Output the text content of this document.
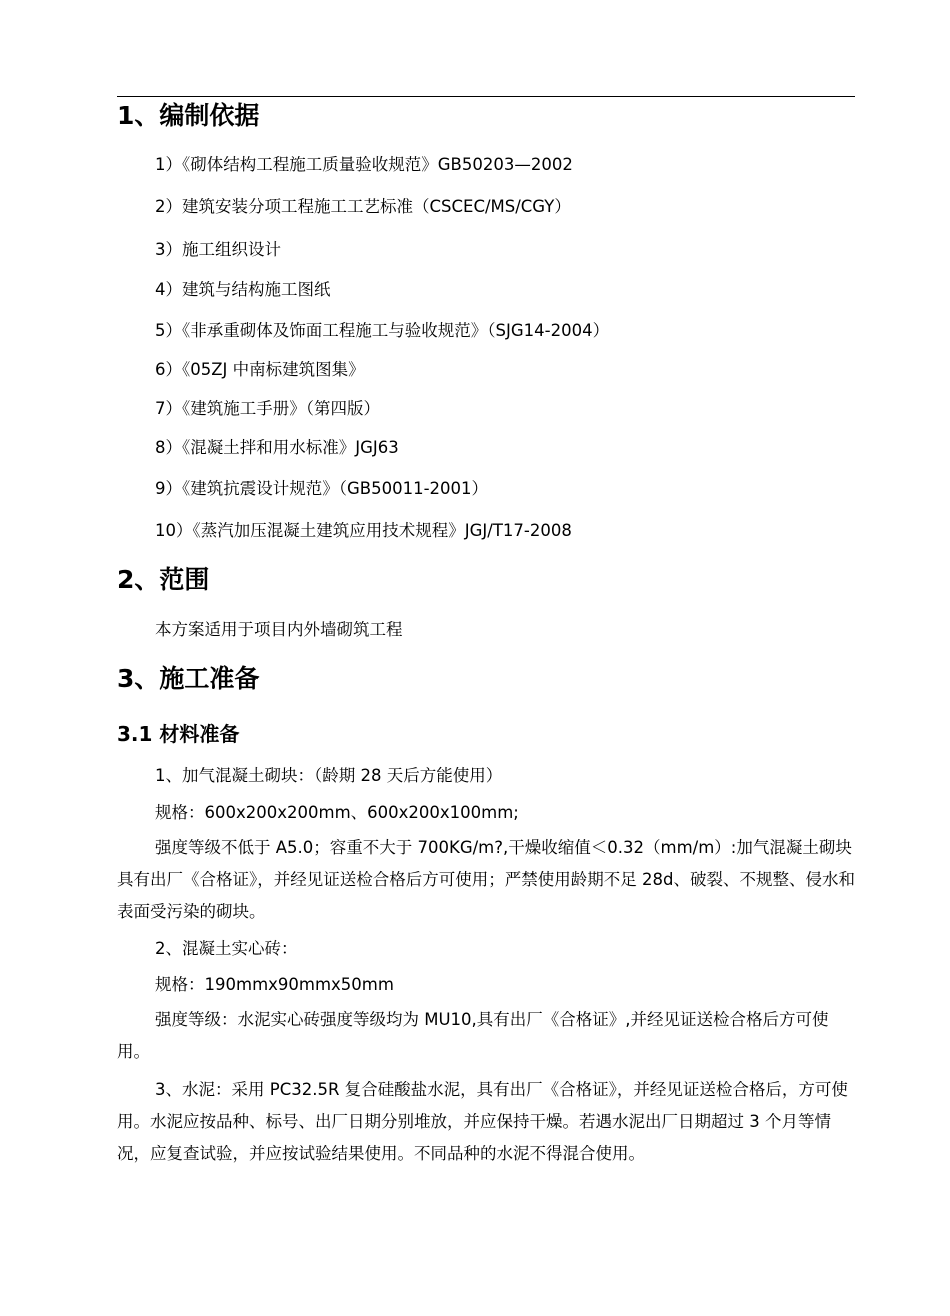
1、编制依据
1）《砌体结构工程施工质量验收规范》GB50203—2002
2）建筑安装分项工程施工工艺标准（CSCEC/MS/CGY）
3）施工组织设计
4）建筑与结构施工图纸
5）《非承重砌体及饰面工程施工与验收规范》（SJG14-2004）
6）《05ZJ 中南标建筑图集》
7）《建筑施工手册》（第四版）
8）《混凝土拌和用水标准》JGJ63
9）《建筑抗震设计规范》（GB50011-2001）
10）《蒸汽加压混凝土建筑应用技术规程》JGJ/T17-2008
2、范围
本方案适用于项目内外墙砌筑工程
3、施工准备
3.1 材料准备
1、加气混凝土砌块：（龄期 28 天后方能使用）
规格：600x200x200mm、600x200x100mm;
强度等级不低于 A5.0；容重不大于 700KG/m?,干燥收缩值＜0.32（mm/m）:加气混凝土砌块具有出厂《合格证》，并经见证送检合格后方可使用；严禁使用龄期不足 28d、破裂、不规整、侵水和表面受污染的砌块。
2、混凝土实心砖：
规格：190mmx90mmx50mm
强度等级：水泥实心砖强度等级均为 MU10,具有出厂《合格证》,并经见证送检合格后方可使用。
3、水泥：采用 PC32.5R 复合硅酸盐水泥，具有出厂《合格证》，并经见证送检合格后，方可使用。水泥应按品种、标号、出厂日期分别堆放，并应保持干燥。若遇水泥出厂日期超过 3 个月等情况，应复查试验，并应按试验结果使用。不同品种的水泥不得混合使用。
